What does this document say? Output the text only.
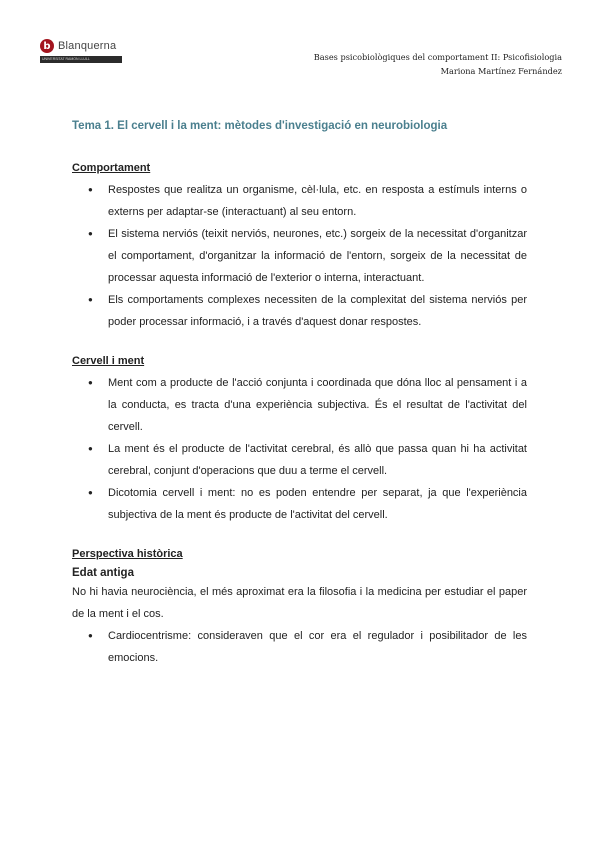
b Blanquerna
UNIVERSITAT RAMON LLULL	Bases psicobiològiques del comportament II: Psicofisiologia
Mariona Martínez Fernández
Tema 1. El cervell i la ment: mètodes d'investigació en neurobiologia
Comportament
● Respostes que realitza un organisme, cèl·lula, etc. en resposta a estímuls interns o externs per adaptar-se (interactuant) al seu entorn.
● El sistema nerviós (teixit nerviós, neurones, etc.) sorgeix de la necessitat d'organitzar el comportament, d'organitzar la informació de l'entorn, sorgeix de la necessitat de processar aquesta informació de l'exterior o interna, interactuant.
● Els comportaments complexes necessiten de la complexitat del sistema nerviós per poder processar informació, i a través d'aquest donar respostes.
Cervell i ment
● Ment com a producte de l'acció conjunta i coordinada que dóna lloc al pensament i a la conducta, es tracta d'una experiència subjectiva. És el resultat de l'activitat del cervell.
● La ment és el producte de l'activitat cerebral, és allò que passa quan hi ha activitat cerebral, conjunt d'operacions que duu a terme el cervell.
● Dicotomia cervell i ment: no es poden entendre per separat, ja que l'experiència subjectiva de la ment és producte de l'activitat del cervell.
Perspectiva històrica
Edat antiga

No hi havia neurociència, el més aproximat era la filosofia i la medicina per estudiar el paper de la ment i el cos.

● Cardiocentrisme: consideraven que el cor era el regulador i posibilitador de les emocions.
